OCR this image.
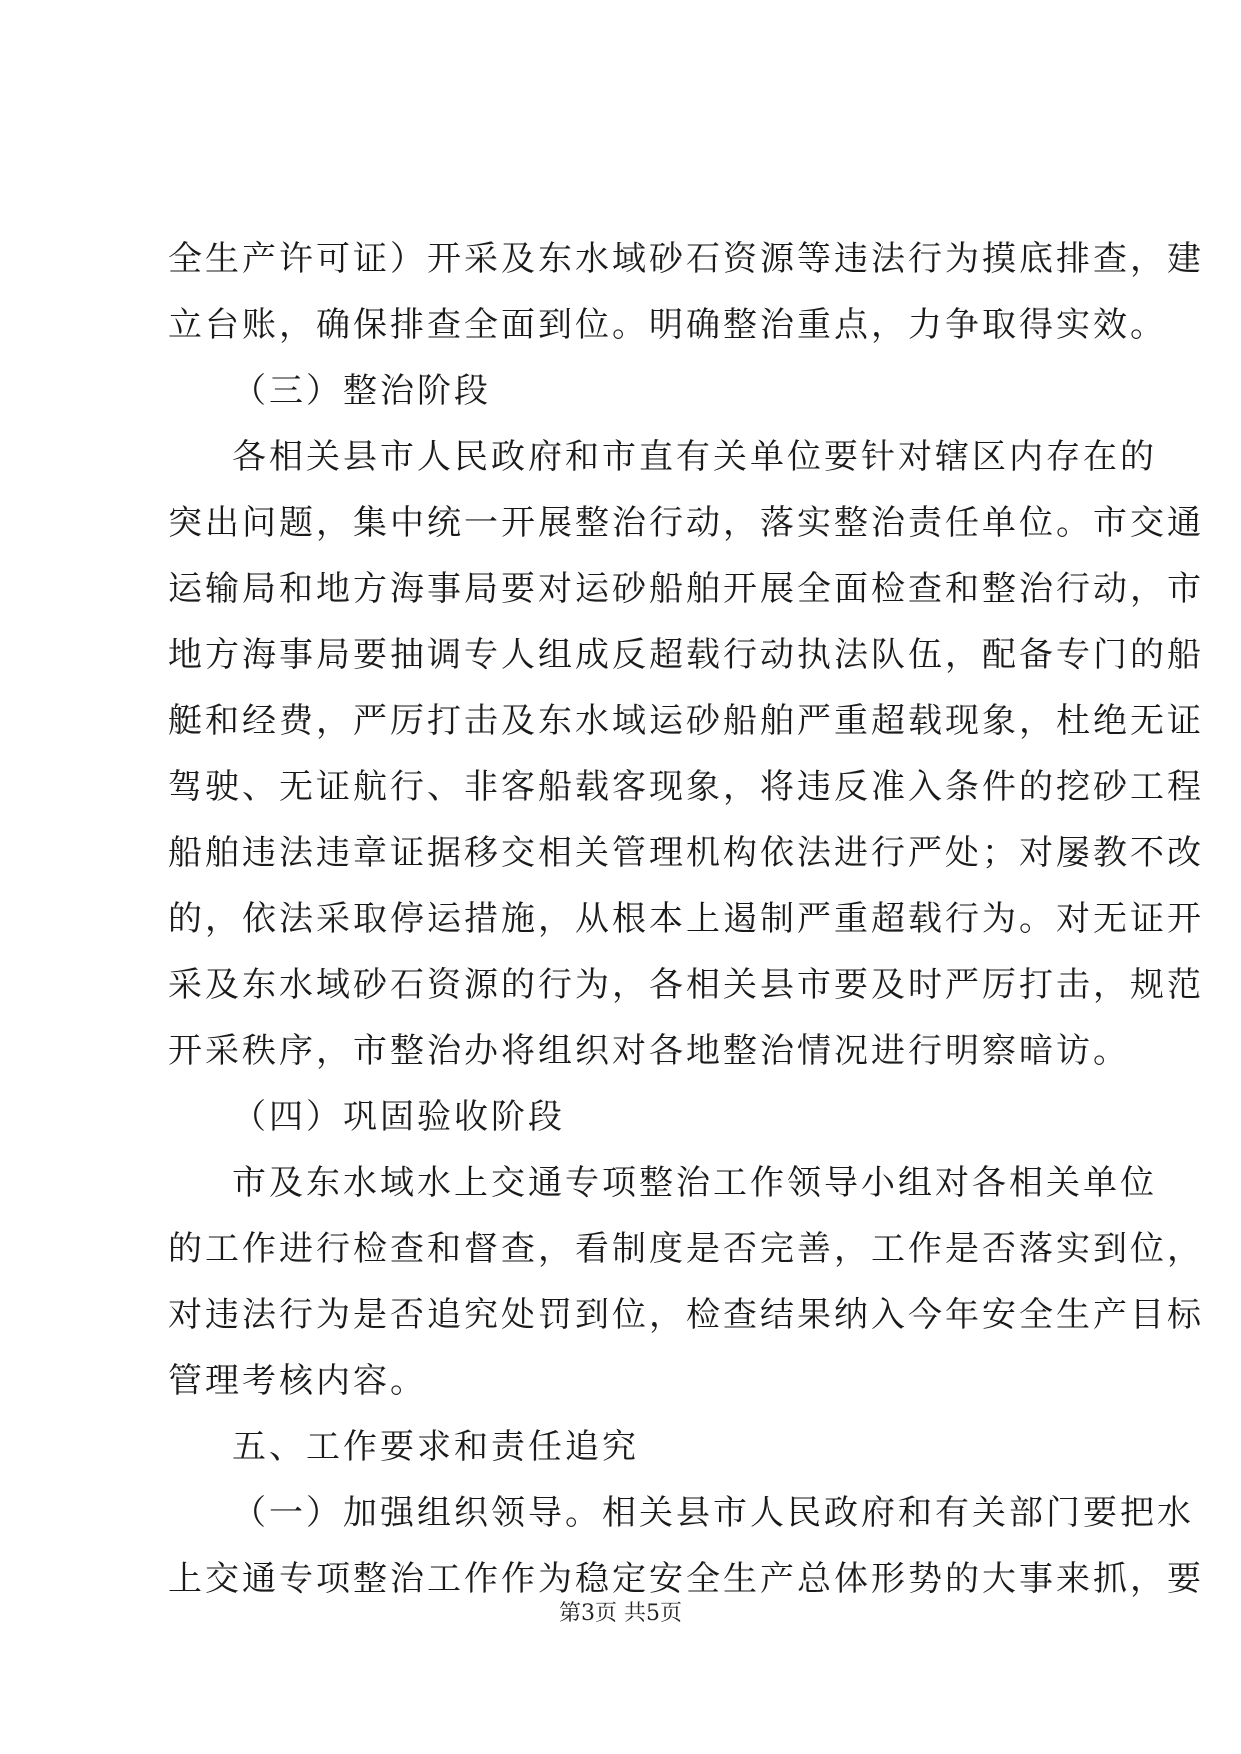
全生产许可证）开采及东水域砂石资源等违法行为摸底排查，建
立台账，确保排查全面到位。明确整治重点，力争取得实效。
（三）整治阶段
各相关县市人民政府和市直有关单位要针对辖区内存在的
突出问题，集中统一开展整治行动，落实整治责任单位。市交通
运输局和地方海事局要对运砂船舶开展全面检查和整治行动，市
地方海事局要抽调专人组成反超载行动执法队伍，配备专门的船
艇和经费，严厉打击及东水域运砂船舶严重超载现象，杜绝无证
驾驶、无证航行、非客船载客现象，将违反准入条件的挖砂工程
船舶违法违章证据移交相关管理机构依法进行严处；对屡教不改
的，依法采取停运措施，从根本上遏制严重超载行为。对无证开
采及东水域砂石资源的行为，各相关县市要及时严厉打击，规范
开采秩序，市整治办将组织对各地整治情况进行明察暗访。
（四）巩固验收阶段
市及东水域水上交通专项整治工作领导小组对各相关单位
的工作进行检查和督查，看制度是否完善，工作是否落实到位，
对违法行为是否追究处罚到位，检查结果纳入今年安全生产目标
管理考核内容。
五、工作要求和责任追究
（一）加强组织领导。相关县市人民政府和有关部门要把水
上交通专项整治工作作为稳定安全生产总体形势的大事来抓，要
第3页 共5页
